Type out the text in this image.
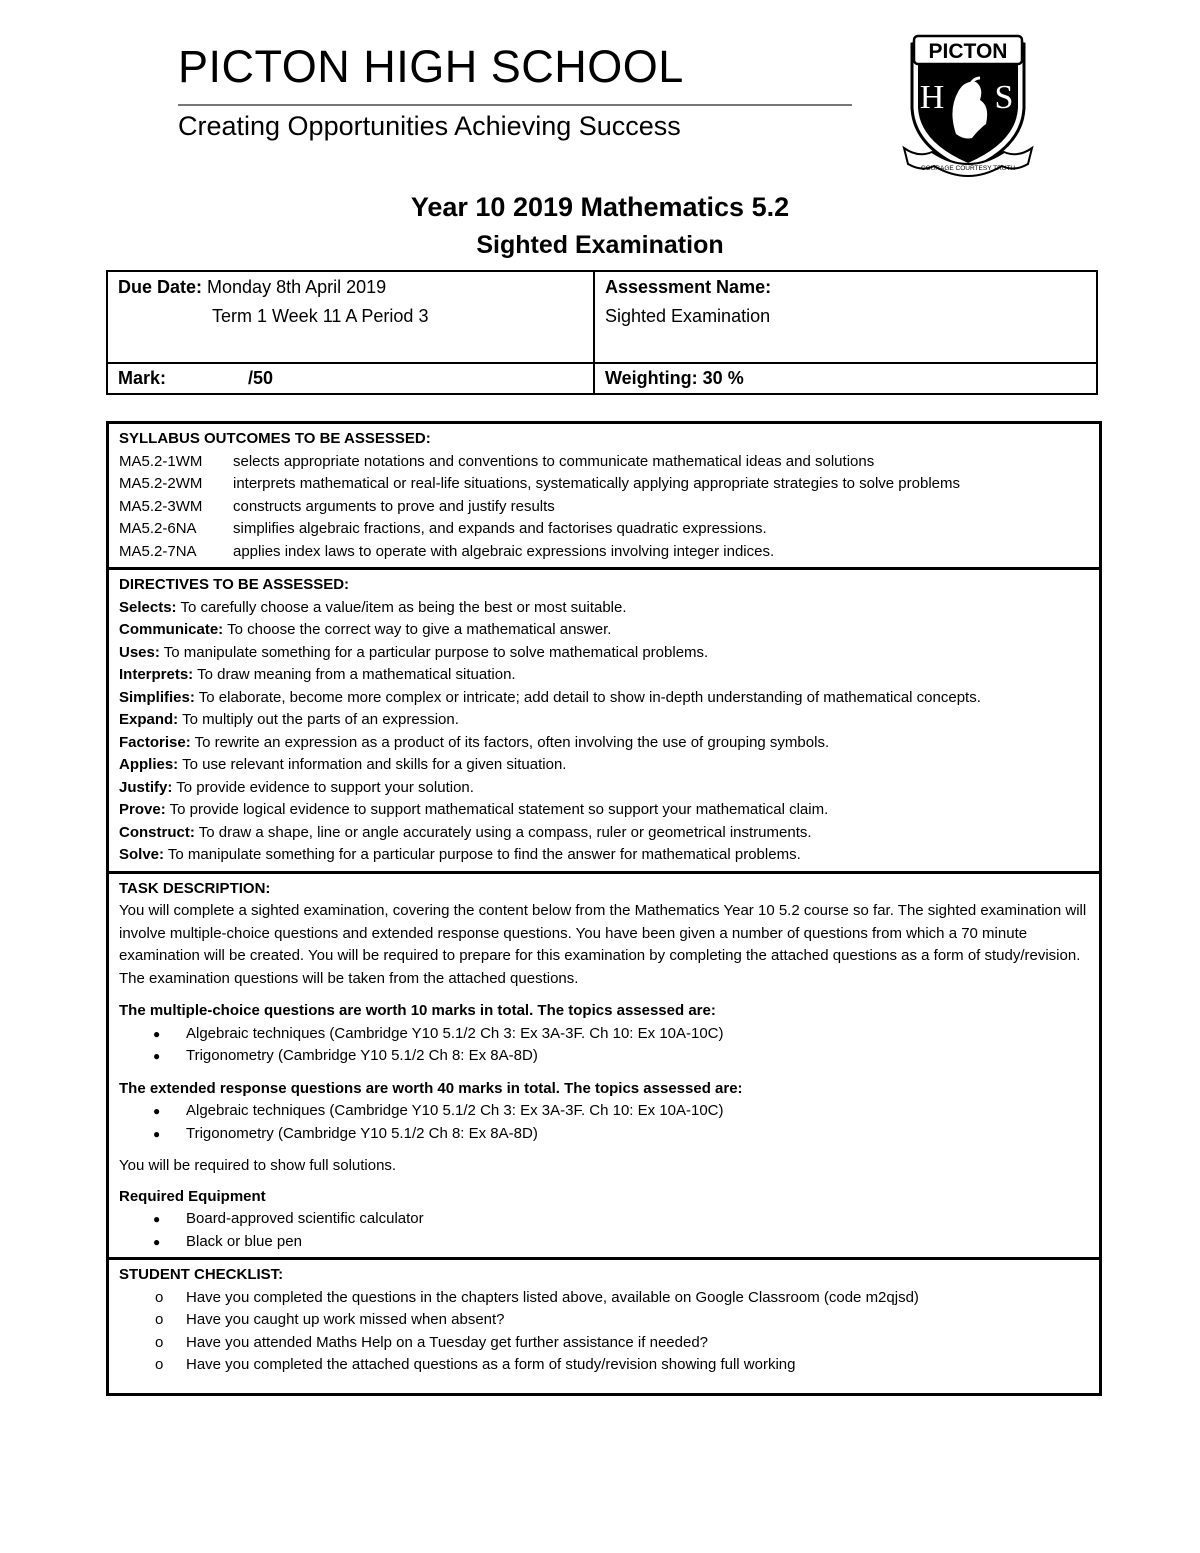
PICTON HIGH SCHOOL
Creating Opportunities Achieving Success
PICTON
H S
COURAGE COURTESY TRUTH
Year 10 2019 Mathematics 5.2
Sighted Examination
Due Date: Monday 8th April 2019
Term 1 Week 11 A Period 3	Assessment Name:
Sighted Examination
Mark: /50	Weighting: 30 %
SYLLABUS OUTCOMES TO BE ASSESSED:
MA5.2-1WM	selects appropriate notations and conventions to communicate mathematical ideas and solutions
MA5.2-2WM	interprets mathematical or real-life situations, systematically applying appropriate strategies to solve problems
MA5.2-3WM	constructs arguments to prove and justify results
MA5.2-6NA	simplifies algebraic fractions, and expands and factorises quadratic expressions.
MA5.2-7NA	applies index laws to operate with algebraic expressions involving integer indices.
DIRECTIVES TO BE ASSESSED:
Selects: To carefully choose a value/item as being the best or most suitable.
Communicate: To choose the correct way to give a mathematical answer.
Uses: To manipulate something for a particular purpose to solve mathematical problems.
Interprets: To draw meaning from a mathematical situation.
Simplifies: To elaborate, become more complex or intricate; add detail to show in-depth understanding of mathematical concepts.
Expand: To multiply out the parts of an expression.
Factorise: To rewrite an expression as a product of its factors, often involving the use of grouping symbols.
Applies: To use relevant information and skills for a given situation.
Justify: To provide evidence to support your solution.
Prove: To provide logical evidence to support mathematical statement so support your mathematical claim.
Construct: To draw a shape, line or angle accurately using a compass, ruler or geometrical instruments.
Solve: To manipulate something for a particular purpose to find the answer for mathematical problems.
TASK DESCRIPTION:

You will complete a sighted examination, covering the content below from the Mathematics Year 10 5.2 course so far. The sighted examination will involve multiple-choice questions and extended response questions. You have been given a number of questions from which a 70 minute examination will be created. You will be required to prepare for this examination by completing the attached questions as a form of study/revision. The examination questions will be taken from the attached questions.

The multiple-choice questions are worth 10 marks in total. The topics assessed are:
● Algebraic techniques (Cambridge Y10 5.1/2 Ch 3: Ex 3A-3F. Ch 10: Ex 10A-10C)
● Trigonometry (Cambridge Y10 5.1/2 Ch 8: Ex 8A-8D)
The extended response questions are worth 40 marks in total. The topics assessed are:
● Algebraic techniques (Cambridge Y10 5.1/2 Ch 3: Ex 3A-3F. Ch 10: Ex 10A-10C)
● Trigonometry (Cambridge Y10 5.1/2 Ch 8: Ex 8A-8D)
You will be required to show full solutions.
Required Equipment
● Board-approved scientific calculator
● Black or blue pen
STUDENT CHECKLIST:
o Have you completed the questions in the chapters listed above, available on Google Classroom (code m2qjsd)
o Have you caught up work missed when absent?
o Have you attended Maths Help on a Tuesday get further assistance if needed?
o Have you completed the attached questions as a form of study/revision showing full working
